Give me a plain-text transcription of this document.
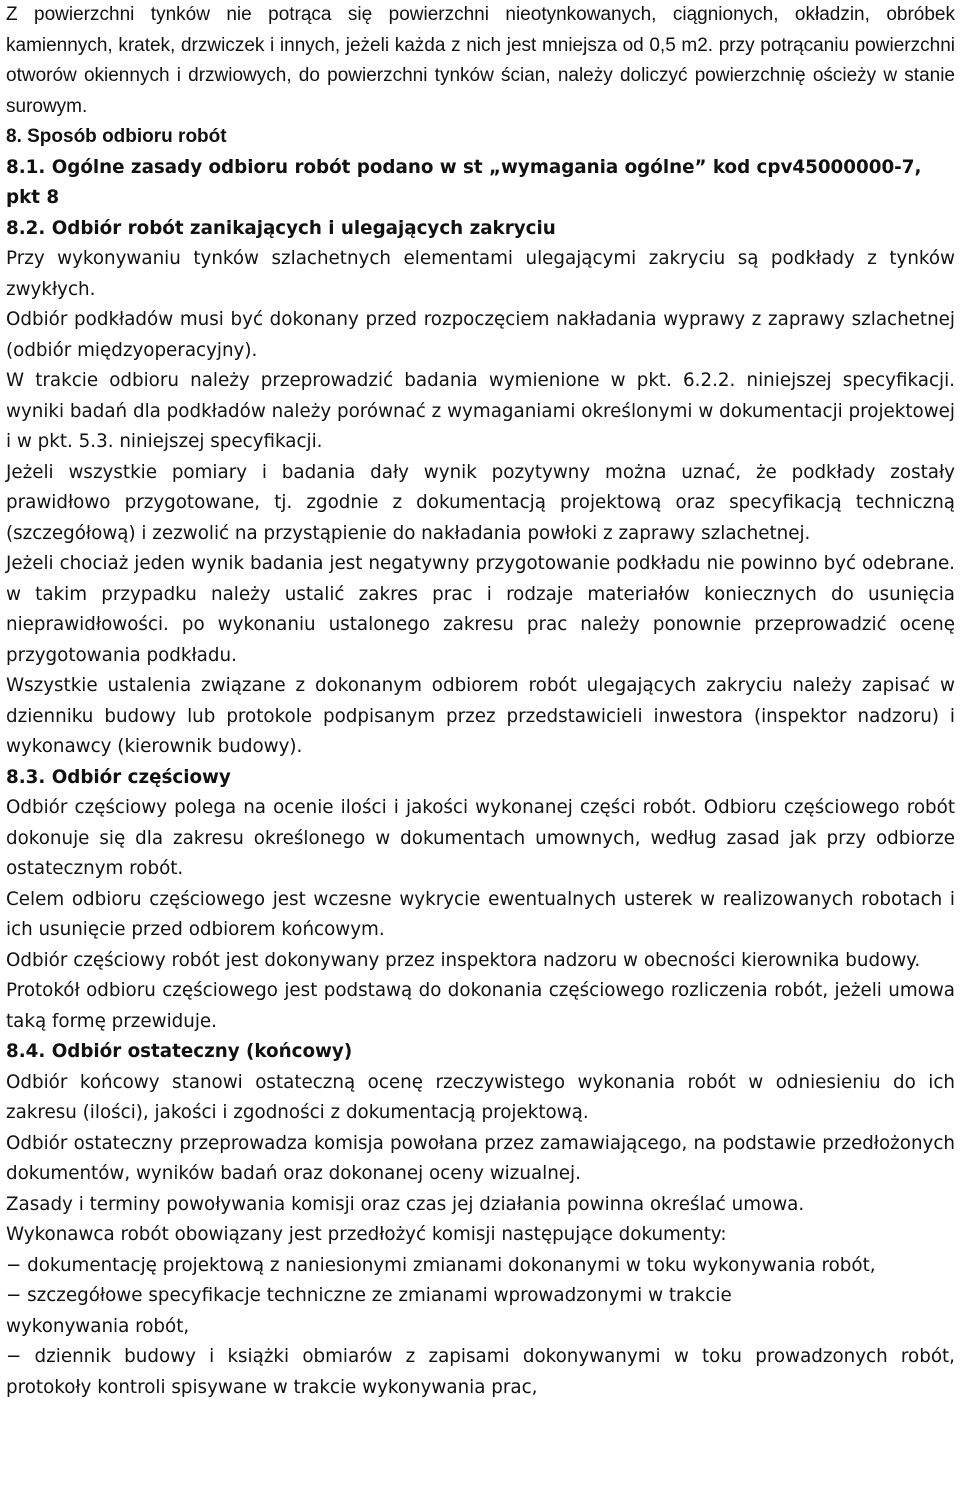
Z powierzchni tynków nie potrąca się powierzchni nieotynkowanych, ciągnionych, okładzin, obróbek kamiennych, kratek, drzwiczek i innych, jeżeli każda z nich jest mniejsza od 0,5 m2. przy potrącaniu powierzchni otworów okiennych i drzwiowych, do powierzchni tynków ścian, należy doliczyć powierzchnię ościeży w stanie surowym.

8. Sposób odbioru robót

8.1. Ogólne zasady odbioru robót podano w st „wymagania ogólne” kod cpv45000000-7, pkt 8

8.2. Odbiór robót zanikających i ulegających zakryciu

Przy wykonywaniu tynków szlachetnych elementami ulegającymi zakryciu są podkłady z tynków zwykłych.

Odbiór podkładów musi być dokonany przed rozpoczęciem nakładania wyprawy z zaprawy szlachetnej (odbiór międzyoperacyjny).

W trakcie odbioru należy przeprowadzić badania wymienione w pkt. 6.2.2. niniejszej specyfikacji. wyniki badań dla podkładów należy porównać z wymaganiami określonymi w dokumentacji projektowej i w pkt. 5.3. niniejszej specyfikacji.

Jeżeli wszystkie pomiary i badania dały wynik pozytywny można uznać, że podkłady zostały prawidłowo przygotowane, tj. zgodnie z dokumentacją projektową oraz specyfikacją techniczną (szczegółową) i zezwolić na przystąpienie do nakładania powłoki z zaprawy szlachetnej.

Jeżeli chociaż jeden wynik badania jest negatywny przygotowanie podkładu nie powinno być odebrane. w takim przypadku należy ustalić zakres prac i rodzaje materiałów koniecznych do usunięcia nieprawidłowości. po wykonaniu ustalonego zakresu prac należy ponownie przeprowadzić ocenę przygotowania podkładu.

Wszystkie ustalenia związane z dokonanym odbiorem robót ulegających zakryciu należy zapisać w dzienniku budowy lub protokole podpisanym przez przedstawicieli inwestora (inspektor nadzoru) i wykonawcy (kierownik budowy).

8.3. Odbiór częściowy

Odbiór częściowy polega na ocenie ilości i jakości wykonanej części robót. Odbioru częściowego robót dokonuje się dla zakresu określonego w dokumentach umownych, według zasad jak przy odbiorze ostatecznym robót.

Celem odbioru częściowego jest wczesne wykrycie ewentualnych usterek w realizowanych robotach i ich usunięcie przed odbiorem końcowym.

Odbiór częściowy robót jest dokonywany przez inspektora nadzoru w obecności kierownika budowy.

Protokół odbioru częściowego jest podstawą do dokonania częściowego rozliczenia robót, jeżeli umowa taką formę przewiduje.

8.4. Odbiór ostateczny (końcowy)

Odbiór końcowy stanowi ostateczną ocenę rzeczywistego wykonania robót w odniesieniu do ich zakresu (ilości), jakości i zgodności z dokumentacją projektową.

Odbiór ostateczny przeprowadza komisja powołana przez zamawiającego, na podstawie przedłożonych dokumentów, wyników badań oraz dokonanej oceny wizualnej.

Zasady i terminy powoływania komisji oraz czas jej działania powinna określać umowa.

Wykonawca robót obowiązany jest przedłożyć komisji następujące dokumenty:

− dokumentację projektową z naniesionymi zmianami dokonanymi w toku wykonywania robót,

− szczegółowe specyfikacje techniczne ze zmianami wprowadzonymi w trakcie wykonywania robót,

− dziennik budowy i książki obmiarów z zapisami dokonywanymi w toku prowadzonych robót, protokoły kontroli spisywane w trakcie wykonywania prac,
